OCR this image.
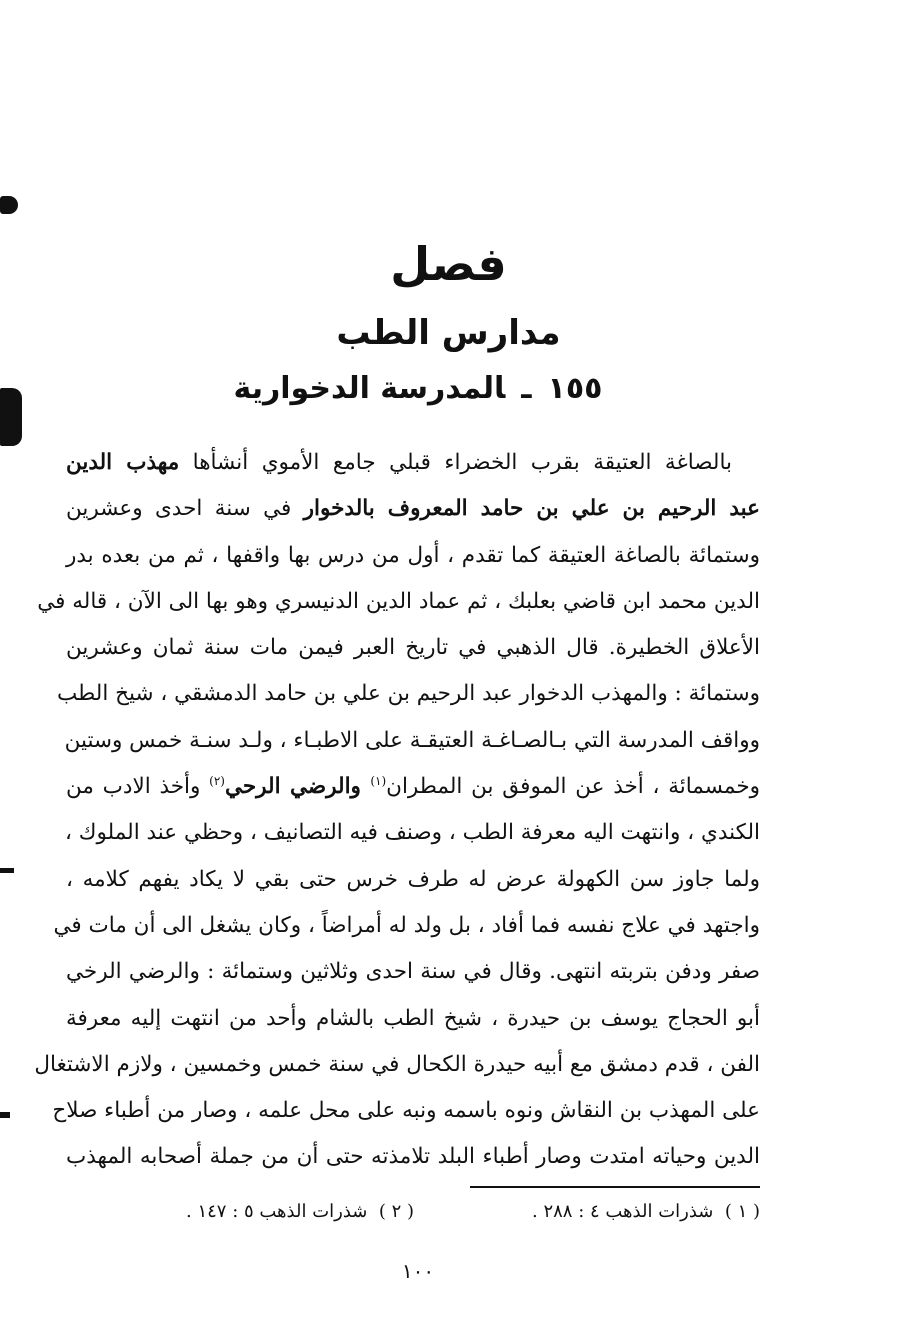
فصل
مدارس الطب
١٥٥ـالمدرسة الدخوارية
بالصاغة العتيقة بقرب الخضراء قبلي جامع الأموي أنشأها مهذب الدين
عبد الرحيم بن علي بن حامد المعروف بالدخوار في سنة احدى وعشرين
وستمائة بالصاغة العتيقة كما تقدم ، أول من درس بها واقفها ، ثم من بعده بدر
الدين محمد ابن قاضي بعلبك ، ثم عماد الدين الدنيسري وهو بها الى الآن ، قاله في
الأعلاق الخطيرة. قال الذهبي في تاريخ العبر فيمن مات سنة ثمان وعشرين
وستمائة : والمهذب الدخوار عبد الرحيم بن علي بن حامد الدمشقي ، شيخ الطب
وواقف المدرسة التي بـالصـاغـة العتيقـة على الاطبـاء ، ولـد سنـة خمس وستين
وخمسمائة ، أخذ عن الموفق بن المطران$^{(١)}$ والرضي الرحي$^{(٢)}$ وأخذ الادب من
الكندي ، وانتهت اليه معرفة الطب ، وصنف فيه التصانيف ، وحظي عند الملوك ،
ولما جاوز سن الكهولة عرض له طرف خرس حتى بقي لا يكاد يفهم كلامه ،
واجتهد في علاج نفسه فما أفاد ، بل ولد له أمراضاً ، وكان يشغل الى أن مات في
صفر ودفن بتربته انتهى. وقال في سنة احدى وثلاثين وستمائة : والرضي الرخي
أبو الحجاج يوسف بن حيدرة ، شيخ الطب بالشام وأحد من انتهت إليه معرفة
الفن ، قدم دمشق مع أبيه حيدرة الكحال في سنة خمس وخمسين ، ولازم الاشتغال
على المهذب بن النقاش ونوه باسمه ونبه على محل علمه ، وصار من أطباء صلاح
الدين وحياته امتدت وصار أطباء البلد تلامذته حتى أن من جملة أصحابه المهذب
( ١ )  شذرات الذهب ٤ : ٢٨٨ .
( ٢ )  شذرات الذهب ٥ : ١٤٧ .
١٠٠
